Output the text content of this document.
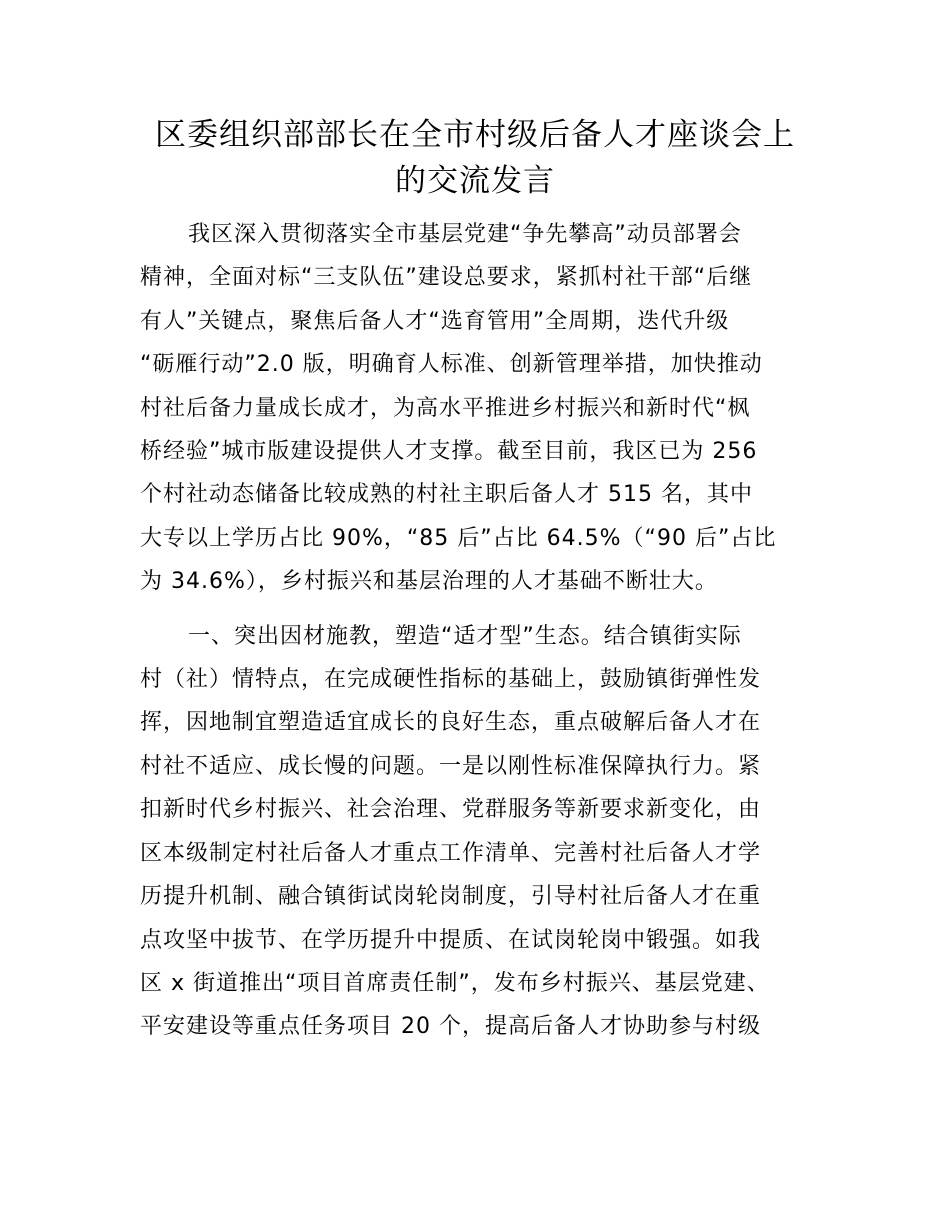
区委组织部部长在全市村级后备人才座谈会上
的交流发言

我区深入贯彻落实全市基层党建“争先攀高”动员部署会
精神，全面对标“三支队伍”建设总要求，紧抓村社干部“后继
有人”关键点，聚焦后备人才“选育管用”全周期，迭代升级
“砺雁行动”2.0 版，明确育人标准、创新管理举措，加快推动
村社后备力量成长成才，为高水平推进乡村振兴和新时代“枫
桥经验”城市版建设提供人才支撑。截至目前，我区已为 256
个村社动态储备比较成熟的村社主职后备人才 515 名，其中
大专以上学历占比 90%，“85 后”占比 64.5%（“90 后”占比
为 34.6%），乡村振兴和基层治理的人才基础不断壮大。

一、突出因材施教，塑造“适才型”生态。结合镇街实际
村（社）情特点，在完成硬性指标的基础上，鼓励镇街弹性发
挥，因地制宜塑造适宜成长的良好生态，重点破解后备人才在
村社不适应、成长慢的问题。一是以刚性标准保障执行力。紧
扣新时代乡村振兴、社会治理、党群服务等新要求新变化，由
区本级制定村社后备人才重点工作清单、完善村社后备人才学
历提升机制、融合镇街试岗轮岗制度，引导村社后备人才在重
点攻坚中拔节、在学历提升中提质、在试岗轮岗中锻强。如我
区 x 街道推出“项目首席责任制”，发布乡村振兴、基层党建、
平安建设等重点任务项目 20 个，提高后备人才协助参与村级
